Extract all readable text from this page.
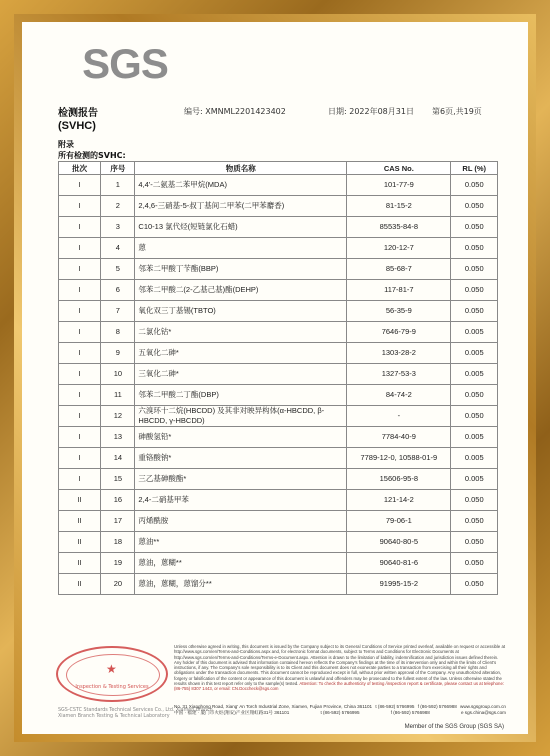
SGS
检测报告
(SVHC)
编号: XMNML2201423402	日期: 2022年08月31日 第6页,共19页
附录
所有检测的SVHC:
批次	序号	物质名称	CAS No.	RL (%)
I	1	4,4'-二氨基二苯甲烷(MDA)	101-77-9	0.050
I	2	2,4,6-三硝基-5-叔丁基间二甲苯(二甲苯麝香)	81-15-2	0.050
I	3	C10-13 氯代烃(短链氯化石蜡)	85535-84-8	0.050
I	4	蒽	120-12-7	0.050
I	5	邻苯二甲酸丁苄酯(BBP)	85-68-7	0.050
I	6	邻苯二甲酸二(2-乙基己基)酯(DEHP)	117-81-7	0.050
I	7	氧化双三丁基锡(TBTO)	56-35-9	0.050
I	8	二氯化钴*	7646-79-9	0.005
I	9	五氧化二砷*	1303-28-2	0.005
I	10	三氧化二砷*	1327-53-3	0.005
I	11	邻苯二甲酸二丁酯(DBP)	84-74-2	0.050
I	12	六溴环十二烷(HBCDD) 及其非对映异构体(α-HBCDD, β-HBCDD, γ-HBCDD)	-	0.050
I	13	砷酸氢铅*	7784-40-9	0.005
I	14	重铬酸钠*	7789-12-0, 10588-01-9	0.005
I	15	三乙基砷酸酯*	15606-95-8	0.005
II	16	2,4-二硝基甲苯	121-14-2	0.050
II	17	丙烯酰胺	79-06-1	0.050
II	18	蒽油**	90640-80-5	0.050
II	19	蒽油，蒽糊**	90640-81-6	0.050
II	20	蒽油，蒽糊，蒽馏分**	91995-15-2	0.050
★
Inspection & Testing Services
Unless otherwise agreed in writing, this document is issued by the Company subject to its General Conditions of Service printed overleaf, available on request or accessible at http://www.sgs.com/en/Terms-and-Conditions.aspx and, for electronic format documents, subject to Terms and Conditions for Electronic Documents at http://www.sgs.com/en/Terms-and-Conditions/Terms-e-Document.aspx. Attention is drawn to the limitation of liability, indemnification and jurisdiction issues defined therein. Any holder of this document is advised that information contained hereon reflects the Company's findings at the time of its intervention only and within the limits of Client's instructions, if any. The Company's sole responsibility is to its Client and this document does not exonerate parties to a transaction from exercising all their rights and obligations under the transaction documents. This document cannot be reproduced except in full, without prior written approval of the Company. Any unauthorized alteration, forgery or falsification of the content or appearance of this document is unlawful and offenders may be prosecuted to the fullest extent of the law. Unless otherwise stated the results shown in this test report refer only to the sample(s) tested. Attention: To check the authenticity of testing /inspection report & certificate, please contact us at telephone: (86-755) 8307 1443, or email: CN.Doccheck@sgs.com
SGS-CSTC Standards Technical Services Co., Ltd. Xiamen Branch
Xiamen Branch Testing & Technical Laboratory
No. 31 Xianghong Road, Xiang' An Torch Industrial Zone, Xiamen, Fujian Province, China 361101 t (86-592) 5766995 f (86-592) 5766988 www.sgsgroup.com.cn
中国 · 福建 · 厦门市火炬(翔安)产业区翔虹路31号 361101	t (86-592) 5766995	f (86-592) 5766988	e sgs.china@sgs.com
Member of the SGS Group (SGS SA)
